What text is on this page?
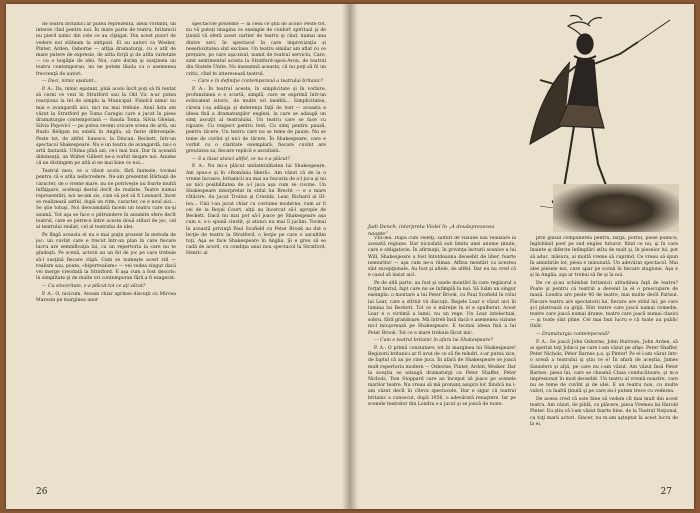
de teatru britanici ar putea reprezenta, ideal vorbind, un interes cînd pentru noi. În mare parte de teatru, britanicii nu pierd nimic din cele ce au cîştigat. Din acest punct de vedere noi stăteam la antipozi. Ei au autori ca Wesker, Pinter, Arden, Osborne — atîţia dramaturgi, cu o atît de mare putere de expresie, de atîta forţă şi de atîta varietate — cu o bogăţie de idei. Noi, care dorim şi susţinem un teatru contemporan, nu ne putem lăuda cu o asemenea frecvenţă de autori.

— Deci, nimic epatant...

P. A.: Da, nimic epatant, pînă acolo încît poţi să fii tentat să cerni ce vezi în Stratford sau la Old Vic n-ar putea reacţiona la fel de simplu la Municipal. Fiindcă nimic nu mai e avangardă aici, nici nu mai trebuie. Anul ăsta am văzut la Stratford pe Toma Caragiu care a jucat în piese dramaturgie contemporană — Sanda Toma, Silvia Ghelan, Silvia Popovici — pe putea reveni oricare scena de artă, un Ruzlo Bellgan nu există în Anglia, să fierie diferenţele. Peste tot, de altfel. Ionesco, la Dincan, Beckett, într-un spectacol Shakespeare. Nu e un teatru de avangardă, nu-i o artă fantastă. Ultima pînă azi, ce-i mai bun. Dar în această dimineaţă, un Walter Gilbert ne-a vorbit despre noi. Anume că ne distingem pe altă zi ne mai bine ce noi...

Teatrul meu, ce a văzut acolo, fără fantezie, tocmai pentru că e atîta neîncredere. Ne-am prezentat Bărbaţii de caracter, de o vreme mare, nu ne potriveşte nu foarte multă înfăţişare, aceleaşi destul decît de realiste. Teatre numai reprezentări, noi ne-am zis, cum să pot să fi Leonard, încet se realizează astfel, după un ritm, caracter, ce e noul aici... Se ştie totuşi. Noi deocamdată facem un teatru care nu-şi asumă. Tot aşa se face o pătrundere în anumite sfere decît teatrul, care se petrece între aceste două stiluri de joc, cel al teatrului realist, cel al teatrului de idei.

Pe lîngă aceasta el nu e mai puţin prezent în metoda de joc: un cuvînt care e trecut într-un plan în care fiecare lucru are semnificaţia lui, ca un repertoriu la care nu te gîndeşti. Pe scenă, actorii au un fel de joc pe care trebuie să-l susţină fiecare clipă. Cum se numeşte acest stil — realism sau, poate, «hiperrealism» — vei vedea singur dacă vei merge vreodată la Stratford. E aşa cum a fost descris: în simplitate şi de multe ori contemporan fără a fi exagerat.

— Cu sinceritate, v-a plăcut tot ce aţi văzut?

P. A.: O, nicicum. Aveam chiar aprinse discuţii cu Mircea Marosin pe marginea unor

spectacole prezente — la ceea ce ştiu de acolo! Peste tot, nu vă puteţi imagina ce exemple de confort spiritual şi de ţinută vă oferă acest cartier de teatru şi cînd, numai una dintre seri, în spectacol în care improvizaţia şi neseriozitatea sînt excluse. Un teatru similar am aflat cu ce preţuire, pe care aşa-zisul, numit de teatrul serviciu, Care, simt sentimentul acesta la Stratford-upon-Avon, de teatrul din Statele Unite. Nu inseamnă aceasta, că nu poţi să fii un critic, cînd te interesează teatrul.

— Care e în definiţie contemporană a teatrului britanic?

P. A.: În teatrul acesta, în simplicitate şi în vorbire, profunzimea e o scurtă, simplă, care se exprimă într-un echivalent istoric, de multe ori inedită... Simplicitatea, căreia i-aş adăuga şi deferenţa faţă de text — aceasta e ideea fixă a dramaturgilor englezi, la care se adaugă un simţ ascuţit al teatralului. Un teatru care se face cu rigoare. Cu respect pentru text. Cu simţ pentru pauză, pentru tăcere. Un teatru care nu se teme de pauze. Nu se teme de cuvînt şi nici de tăcere. În Shakespeare, care e vorbit cu o claritate exemplară, fiecare cuvînt are greutatea sa, fiecare replică e ascultată.

— S-a lăsat atunci altfel, ce nu v-a plăcut?

P. A.: Nu mi-a plăcut unilateralitatea lui Shakespeare. Am spus-o şi în «România liberă». Am văzut că de la o vreme încoace, britanicii nu mai au bucuria de a-l juca şi nu au nici posibilitatea de a-l juca aşa cum se cuvine. Un Shakespeare interpretat în stilul lui Brecht — e o mare rătăcire. Au jucat Troilus şi Cresida, Lear, Richard al III-lea... Unii l-au jucat chiar cu costume moderne, cum ar fi cei de la Royal Court, alţii au încercat să-l apropie de Beckett. Dacă nu mai pot să-l joace pe Shakespeare aşa cum e, s-o spună cinstit, şi atunci nu mai îl jucăm. Tocmai în această privinţă Paul Scofield cu Peter Brook au dat o lecţie de teatru la Stratford, o lecţie pe care o ascultăm toţi. Aşa se face Shakespeare în Anglia. Şi e greu să se cadă de acord, cu condiţia unui nou spectacol la Stratford, Henric al

26
Judi Dench, interpreta Violei în „A douăsprezecea noapte”

VIII-lea. După cum vedeţi, salturi de viziune sau realizare la această regiune. Dar niciodată sub limita unei anume ţinute, care e obligatorie. În afirmaţii, în privinţa lecturii scenice a lui Will, Shakespeare a fost întotdeauna deosebit de liber, foarte nemuritor — aşa cum ne-a rămas. Atîtea montări ca acestea sînt excepţionale. Au fost şi altele, de altfel. Dar eu nu cred că e cazul să insist aici.

Pe de altă parte, au fost şi unele montări în care regizorul a forţat textul, fapt care nu se întîmplă la noi. Să luăm un singur exemplu: o montare a lui Peter Brook, cu Paul Scofield în rolul lui Lear, care a stîrnit vii discuţii. Regele Lear e văzut aici în lumina lui Beckett. Tot ce e măreţie în el e spulberat. Acest Lear e o victimă a lumii, nu un rege. Un Lear intelectual, sobru, fără grandoare. Mă întreb însă dacă o asemenea viziune nu-l micşorează pe Shakespeare. E tocmai ideea fixă a lui Peter Brook. Tot ce e mare trebuie făcut mic.

— Cum e teatrul britanic în afara lui Shakespeare?

P. A.: O primă constatare: tot în marginea lui Shakespeare! Regizorii britanici ar fi avut de ce să fie mîndri, s-ar putea zice, de faptul că au pe cine juca. În afară de Shakespeare se joacă mult repertoriu modern — Osborne, Pinter, Arden, Wesker. Dar la aceştia se adaugă dramaturgi ca Peter Shaffer, Peter Nichols, Tom Stoppard care au început să joace pe scenele marilor teatre. Nu vreau să mă pronunţ asupra lor, fiindcă nu i-am văzut decît în cîteva spectacole. Dar e sigur că teatrul britanic a cunoscut, după 1956, o adevărată renaştere. Iar pe scenele teatrelor din Londra s-a jucat şi se joacă de toate.

prin glasul compunerea pentru, largă, portul, piese publice, înglobând poet pe sud englez tuturor, fiind ce nu, şi în care înainte şi diferite întîmplări atîta de mult şi, în pieselor lui, pot să aduc, măsura, ai multă vreme să cuprind. Ce vreau să spun în amintirile lor, piesa e minunată. Un adevărat spectacol. Mai ales piesele noi, care apar pe scenă în fiecare stagiune. Aşa e şi în Anglia, aşa ar trebui să fie şi la noi.

De ce şi-au schimbat britanicii atitudinea faţă de teatru? Poate şi pentru că teatrul a devenit la ei o preocupare de masă. Londra are peste 40 de teatre, mai multe decît Parisul. Fiecare teatru are spectatorii lui, fiecare are stilul lui, pe care şi-l păstrează cu grijă. Sînt teatre care joacă numai comedie, teatre care joacă numai drame, teatre care joacă numai clasici — şi toate sînt pline. Cel mai bun lucru e că toate au public tînăr.

— Dramaturgia contemporană?

P. A.: Se joacă John Osborne, John Burrows, John Arden, să ai speriat toţi John-ii pe care i-am văzut pe afişe. Peter Shaffer, Peter Nichols, Peter Barnes ş.a. şi Pinter! Pe ei i-am văzut într-o scenă a teatrului şi ştiu ce e! În afară de aceştia, James Saunders şi alţii, pe care nu i-am văzut. Am văzut însă Peter Barnes, piesa lui, care se cheamă Clasa conducătoare, şi m-a impresionat în mod deosebit. Un teatru al vremii noastre, care nu se teme de cuvînt şi de idei. E un teatru nou, cu multe valori, cu înaltă ţinută şi pe care nu-l putem trece cu vederea.

De aceea cred că este bine să vedem cît mai mult din acest teatru. Am văzut, de pildă, cu plăcere, piesa Vremea lui Harold Pinter. Eu ştiu că l-am văzut foarte bine, de la Teatrul Naţional, cu toţi marii actori. Sincer, nu m-am aşteptat la acest lucru de la ei.

27
